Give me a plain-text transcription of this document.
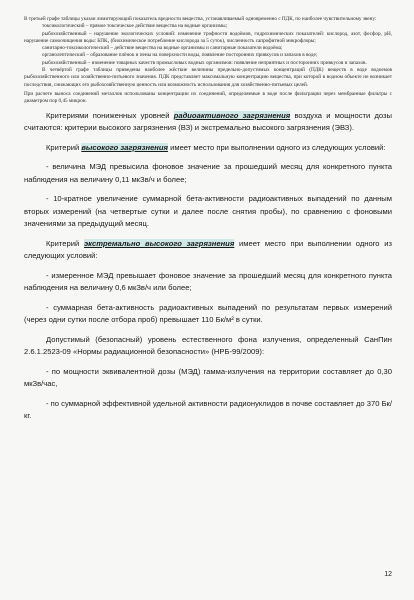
В третьей графе таблицы указан лимитирующий показатель вредности вещества, устанавливаемый одновременно с ПДК, по наиболее чувствительному звену:

токсикологический – прямое токсическое действие вещества на водные организмы;

рыбохозяйственный – нарушение экологических условий: изменение трофности водоёмов, гидрохимических показателей: кислород, азот, фосфор, pH, нарушение самоочищения воды: БПК₅ (биохимическое потребление кислорода за 5 суток), численность сапрофитной микрофлоры;

санитарно-токсикологический – действие вещества на водные организмы и санитарные показатели водоёма;

органолептический – образование плёнок и пены на поверхности воды, появление посторонних привкусов и запахов в воде;

рыбохозяйственный – изменение товарных качеств промысловых водных организмов: появление неприятных и посторонних привкусов и запахов.

В четвёртой графе таблицы приведены наиболее жёсткие величины предельно-допустимых концентраций (ПДК) веществ в воде водоемов рыбохозяйственного или хозяйственно-питьевого значения. ПДК представляет максимальную концентрацию вещества, при которой в водном объекте не возникает последствия, снижающих его рыбохозяйственную ценность или возможность использования для хозяйственно-питьевых целей.

При расчете выноса соединений металлов использованы концентрации их соединений, определяемые в воде после фильтрации через мембранные фильтры с диаметром пор 0,45 микрон.

Критериями пониженных уровней радиоактивного загрязнения воздуха и мощности дозы считаются: критерии высокого загрязнения (ВЗ) и экстремально высокого загрязнения (ЭВЗ).

Критерий высокого загрязнения имеет место при выполнении одного из следующих условий:

- величина МЭД превысила фоновое значение за прошедший месяц для конкретного пункта наблюдения на величину 0,11 мкЗв/ч и более;

- 10-кратное увеличение суммарной бета-активности радиоактивных выпадений по данным вторых измерений (на четвертые сутки и далее после снятия пробы), по сравнению с фоновыми значениями за предыдущий месяц.

Критерий экстремально высокого загрязнения имеет место при выполнении одного из следующих условий:

- измеренное МЭД превышает фоновое значение за прошедший месяц для конкретного пункта наблюдения на величину 0,6 мкЗв/ч или более;

- суммарная бета-активность радиоактивных выпадений по результатам первых измерений (через одни сутки после отбора проб) превышает 110 Бк/м² в сутки.

Допустимый (безопасный) уровень естественного фона излучения, определенный СанПин 2.6.1.2523-09 «Нормы радиационной безопасности» (НРБ-99/2009):

- по мощности эквивалентной дозы (МЭД) гамма-излучения на территории составляет до 0,30 мкЗв/час,

- по суммарной эффективной удельной активности радионуклидов в почве составляет до 370 Бк/кг.

12
